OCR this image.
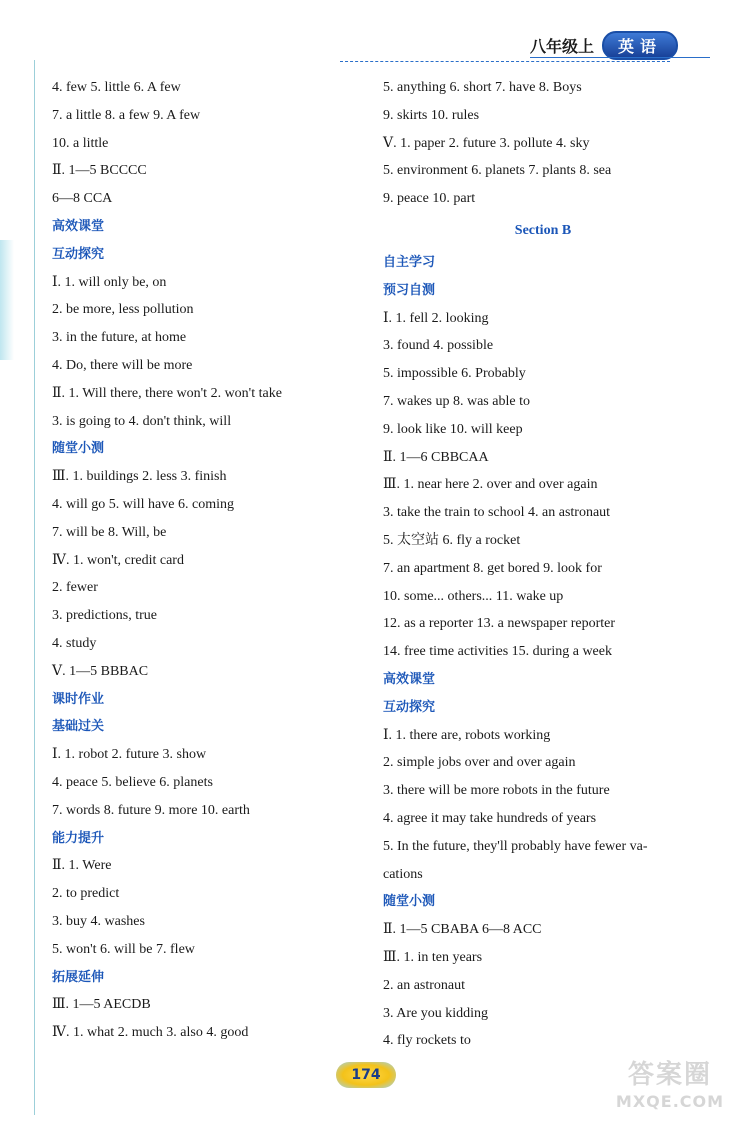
八年级上	英语
4. few 5. little 6. A few
7. a little 8. a few 9. A few
10. a little
Ⅱ. 1—5 BCCCC
6—8 CCA
高效课堂
互动探究
Ⅰ. 1. will only be, on
2. be more, less pollution
3. in the future, at home
4. Do, there will be more
Ⅱ. 1. Will there, there won't 2. won't take
3. is going to 4. don't think, will
随堂小测
Ⅲ. 1. buildings 2. less 3. finish
4. will go 5. will have 6. coming
7. will be 8. Will, be
Ⅳ. 1. won't, credit card
2. fewer
3. predictions, true
4. study
Ⅴ. 1—5 BBBAC
课时作业
基础过关
Ⅰ. 1. robot 2. future 3. show
4. peace 5. believe 6. planets
7. words 8. future 9. more 10. earth
能力提升
Ⅱ. 1. Were
2. to predict
3. buy 4. washes
5. won't 6. will be 7. flew
拓展延伸
Ⅲ. 1—5 AECDB
Ⅳ. 1. what 2. much 3. also 4. good
5. anything 6. short 7. have 8. Boys
9. skirts 10. rules
Ⅴ. 1. paper 2. future 3. pollute 4. sky
5. environment 6. planets 7. plants 8. sea
9. peace 10. part
Section B
自主学习
预习自测
Ⅰ. 1. fell 2. looking
3. found 4. possible
5. impossible 6. Probably
7. wakes up 8. was able to
9. look like 10. will keep
Ⅱ. 1—6 CBBCAA
Ⅲ. 1. near here 2. over and over again
3. take the train to school 4. an astronaut
5. 太空站 6. fly a rocket
7. an apartment 8. get bored 9. look for
10. some... others... 11. wake up
12. as a reporter 13. a newspaper reporter
14. free time activities 15. during a week
高效课堂
互动探究
Ⅰ. 1. there are, robots working
2. simple jobs over and over again
3. there will be more robots in the future
4. agree it may take hundreds of years
5. In the future, they'll probably have fewer va-
cations
随堂小测
Ⅱ. 1—5 CBABA 6—8 ACC
Ⅲ. 1. in ten years
2. an astronaut
3. Are you kidding
4. fly rockets to
174	答案圈
MXQE.COM
